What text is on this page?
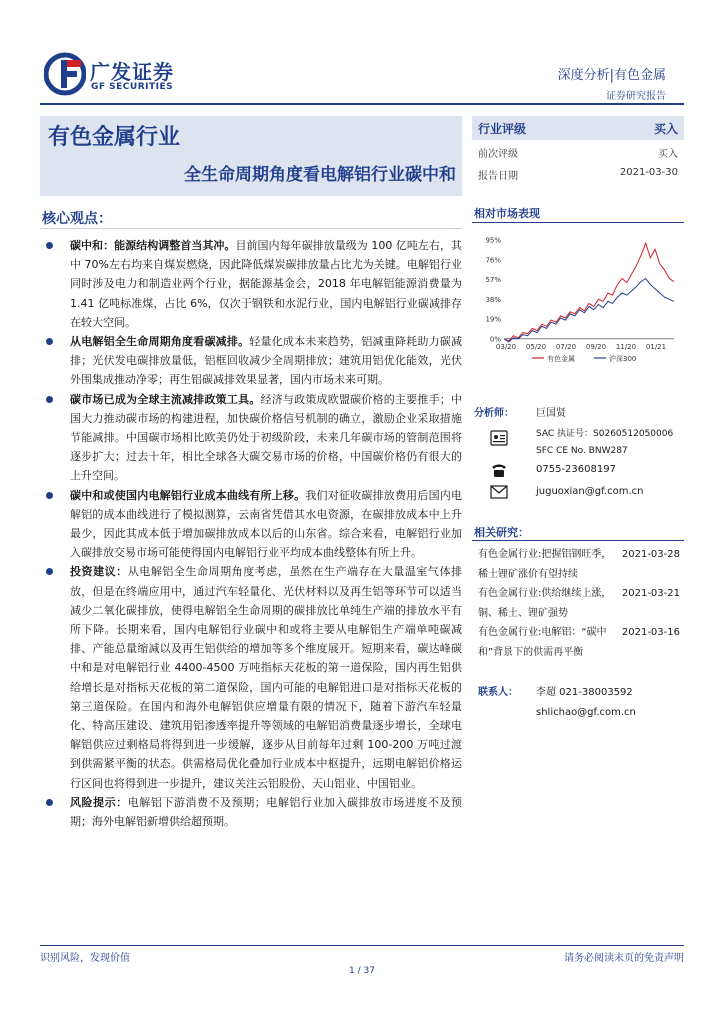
广发证券
GF SECURITIES
深度分析|有色金属
证券研究报告
有色金属行业
全生命周期角度看电解铝行业碳中和
行业评级	买入
前次评级	买入
报告日期	2021-03-30
核心观点：

碳中和：能源结构调整首当其冲。目前国内每年碳排放量级为 100 亿吨左右，其中 70%左右均来自煤炭燃烧，因此降低煤炭碳排放量占比尤为关键。电解铝行业同时涉及电力和制造业两个行业，据能源基金会，2018 年电解铝能源消费量为 1.41 亿吨标准煤，占比 6%，仅次于钢铁和水泥行业，国内电解铝行业碳减排存在较大空间。

从电解铝全生命周期角度看碳减排。轻量化成本未来趋势，铝减重降耗助力碳减排；光伏发电碳排放量低，铝框回收减少全周期排放；建筑用铝优化能效，光伏外围集成推动净零；再生铝碳减排效果显著，国内市场未来可期。

碳市场已成为全球主流减排政策工具。经济与政策成欧盟碳价格的主要推手；中国大力推动碳市场的构建进程，加快碳价格信号机制的确立，激励企业采取措施节能减排。中国碳市场相比欧美仍处于初级阶段，未来几年碳市场的管制范围将逐步扩大；过去十年，相比全球各大碳交易市场的价格，中国碳价格仍有很大的上升空间。

碳中和或使国内电解铝行业成本曲线有所上移。我们对征收碳排放费用后国内电解铝的成本曲线进行了模拟测算，云南省凭借其水电资源，在碳排放成本中上升最少，因此其成本低于增加碳排放成本以后的山东省。综合来看，电解铝行业加入碳排放交易市场可能使得国内电解铝行业平均成本曲线整体有所上升。

投资建议：从电解铝全生命周期角度考虑，虽然在生产端存在大量温室气体排放，但是在终端应用中，通过汽车轻量化、光伏材料以及再生铝等环节可以适当减少二氧化碳排放，使得电解铝全生命周期的碳排放比单纯生产端的排放水平有所下降。长期来看，国内电解铝行业碳中和或将主要从电解铝生产端单吨碳减排、产能总量缩减以及再生铝供给的增加等多个维度展开。短期来看，碳达峰碳中和是对电解铝行业 4400-4500 万吨指标天花板的第一道保险，国内再生铝供给增长是对指标天花板的第二道保险，国内可能的电解铝进口是对指标天花板的第三道保险。在国内和海外电解铝供应增量有限的情况下，随着下游汽车轻量化、特高压建设、建筑用铝渗透率提升等领域的电解铝消费量逐步增长，全球电解铝供应过剩格局将得到进一步缓解，逐步从目前每年过剩 100-200 万吨过渡到供需紧平衡的状态。供需格局优化叠加行业成本中枢提升，远期电解铝价格运行区间也将得到进一步提升，建议关注云铝股份、天山铝业、中国铝业。

风险提示：电解铝下游消费不及预期；电解铝行业加入碳排放市场进度不及预期；海外电解铝新增供给超预期。

相对市场表现
95%
76%
57%
38%
19%
0%
03/20 05/20 07/20 09/20 11/20 01/21
有色金属	沪深300
分析师： 巨国贤
SAC 执证号：S0260512050006
SFC CE No. BNW287
0755-23608197
juguoxian@gf.com.cn
相关研究：
有色金属行业:把握铝钢旺季，稀土锂矿涨价有望持续
2021-03-28
有色金属行业:供给继续上涨，铜、稀土、锂矿强势
2021-03-21
有色金属行业:电解铝：“碳中和”背景下的供需再平衡
2021-03-16
联系人： 李超 021-38003592
shlichao@gf.com.cn
识别风险，发现价值	请务必阅读末页的免责声明
1 / 37
